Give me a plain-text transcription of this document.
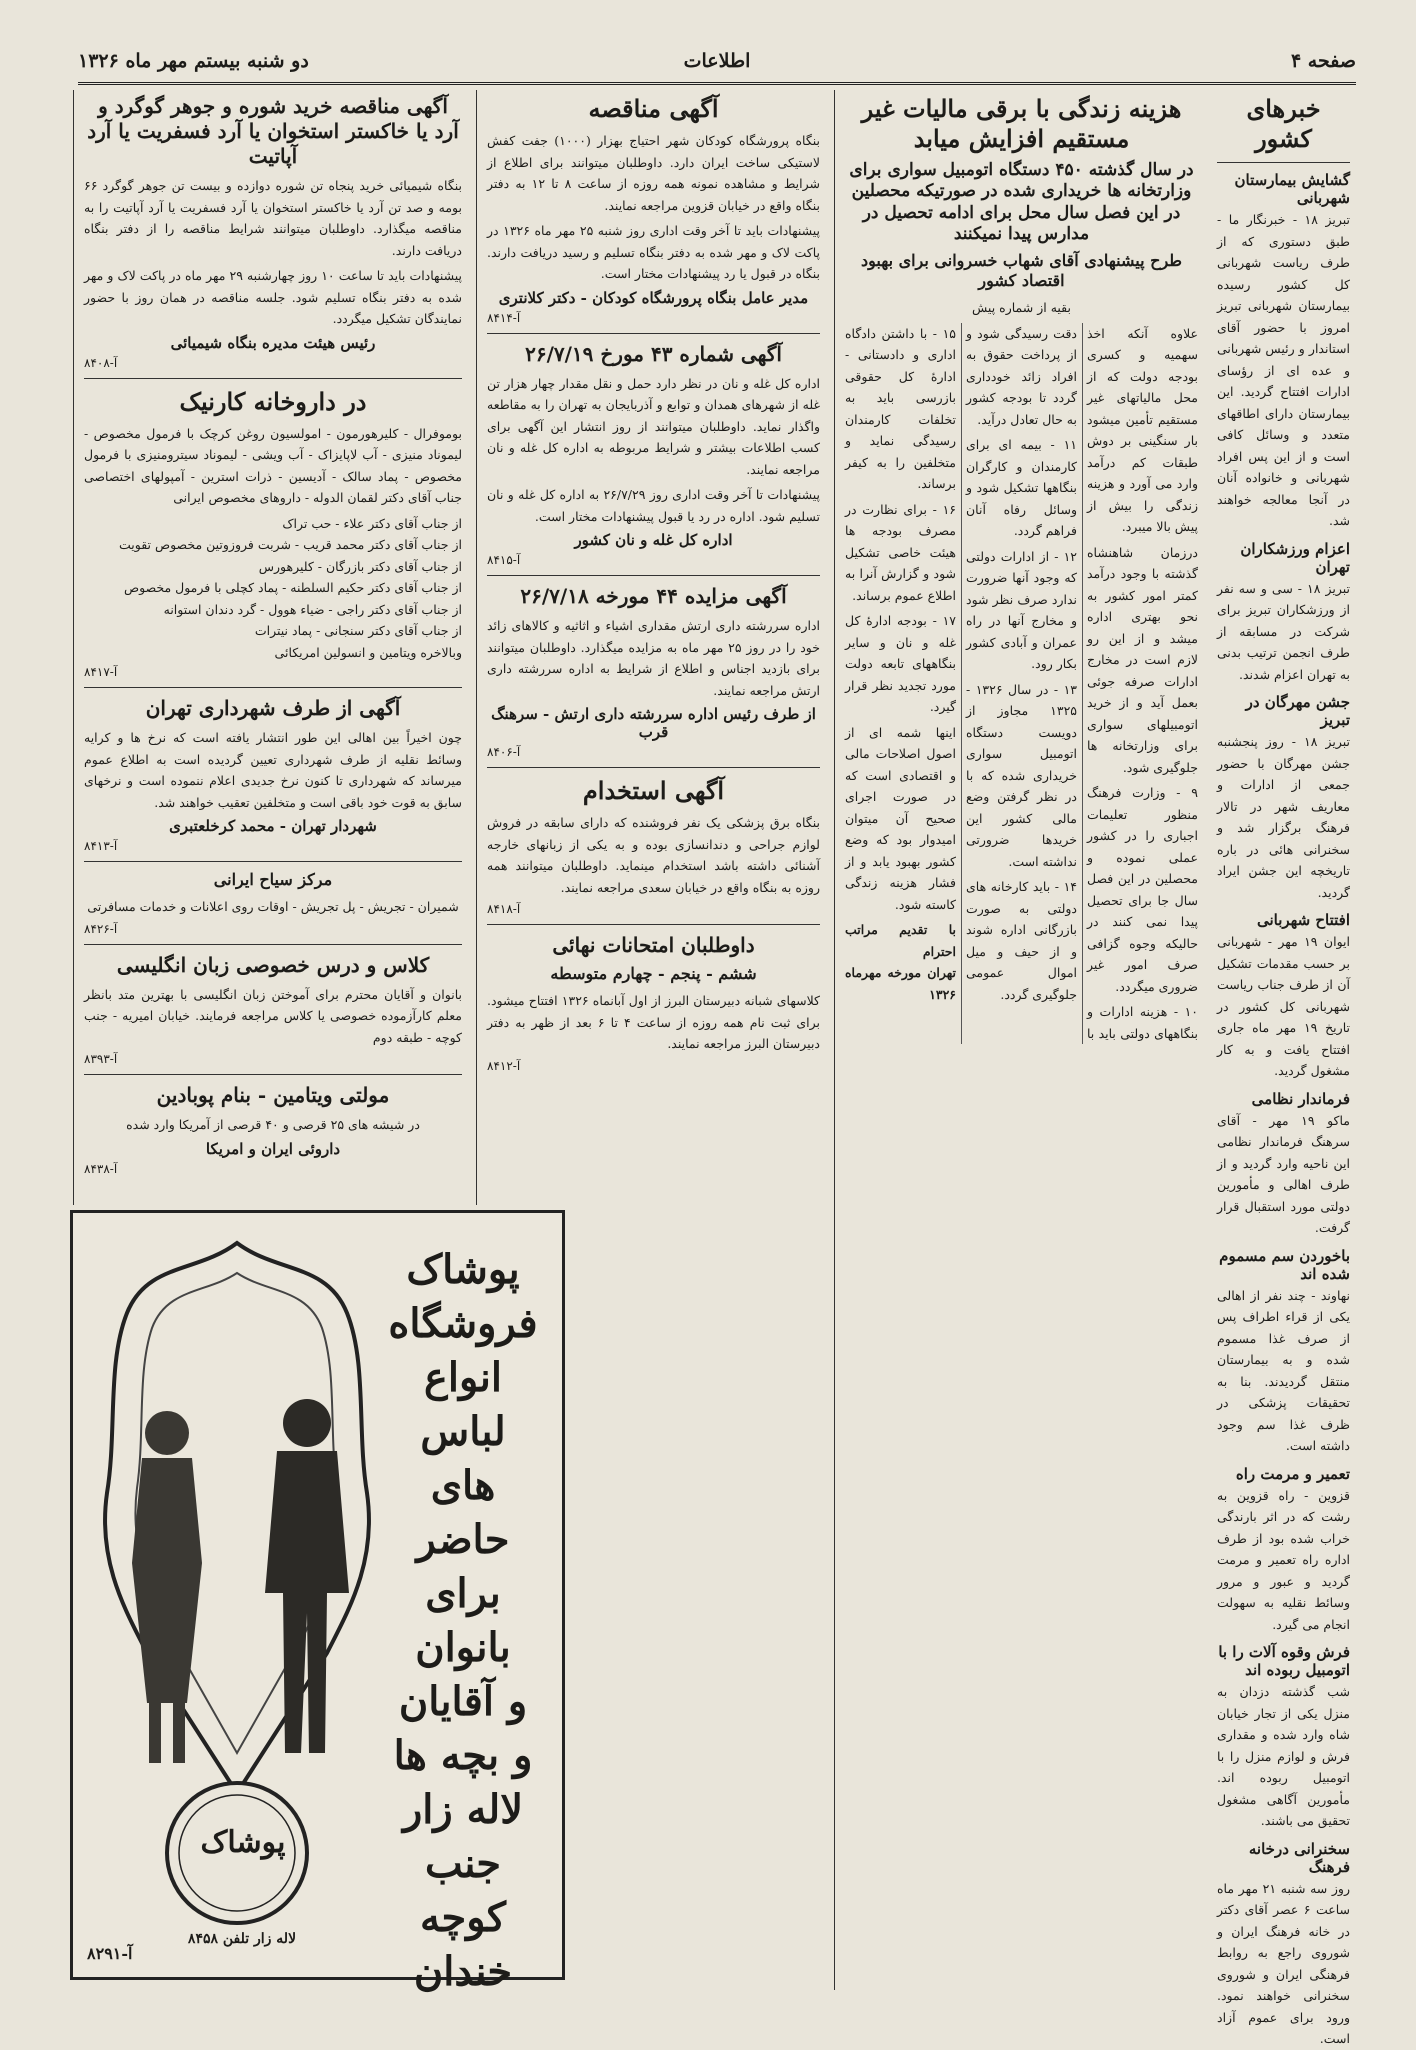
صفحه ۴
اطلاعات
دو شنبه بیستم مهر ماه ۱۳۲۶
خبرهای کشور
گشایش بیمارستان شهربانی

تبریز ۱۸ - خبرنگار ما - طبق دستوری که از طرف ریاست شهربانی کل کشور رسیده بیمارستان شهربانی تبریز امروز با حضور آقای استاندار و رئیس شهربانی و عده ای از رؤسای ادارات افتتاح گردید. این بیمارستان دارای اطاقهای متعدد و وسائل کافی است و از این پس افراد شهربانی و خانواده آنان در آنجا معالجه خواهند شد.

اعزام ورزشکاران تهران

تبریز ۱۸ - سی و سه نفر از ورزشکاران تبریز برای شرکت در مسابقه از طرف انجمن ترتیب بدنی به تهران اعزام شدند.

جشن مهرگان در تبریز

تبریز ۱۸ - روز پنجشنبه جشن مهرگان با حضور جمعی از ادارات و معاریف شهر در تالار فرهنگ برگزار شد و سخنرانی هائی در باره تاریخچه این جشن ایراد گردید.

افتتاح شهربانی

ایوان ۱۹ مهر - شهربانی بر حسب مقدمات تشکیل آن از طرف جناب ریاست شهربانی کل کشور در تاریخ ۱۹ مهر ماه جاری افتتاح یافت و به کار مشغول گردید.

فرماندار نظامی

ماکو ۱۹ مهر - آقای سرهنگ فرماندار نظامی این ناحیه وارد گردید و از طرف اهالی و مأمورین دولتی مورد استقبال قرار گرفت.

باخوردن سم مسموم شده اند

نهاوند - چند نفر از اهالی یکی از قراء اطراف پس از صرف غذا مسموم شده و به بیمارستان منتقل گردیدند. بنا به تحقیقات پزشکی در ظرف غذا سم وجود داشته است.

تعمیر و مرمت راه

قزوین - راه قزوین به رشت که در اثر بارندگی خراب شده بود از طرف اداره راه تعمیر و مرمت گردید و عبور و مرور وسائط نقلیه به سهولت انجام می گیرد.

فرش وقوه آلات را با اتومبیل ربوده اند

شب گذشته دزدان به منزل یکی از تجار خیابان شاه وارد شده و مقداری فرش و لوازم منزل را با اتومبیل ربوده اند. مأمورین آگاهی مشغول تحقیق می باشند.

سخنرانی درخانه فرهنگ

روز سه شنبه ۲۱ مهر ماه ساعت ۶ عصر آقای دکتر در خانه فرهنگ ایران و شوروی راجع به روابط فرهنگی ایران و شوروی سخنرانی خواهند نمود. ورود برای عموم آزاد است.

هزینه زندگی با برقی مالیات غیر مستقیم افزایش میابد
در سال گذشته ۴۵۰ دستگاه اتومبیل سواری برای وزارتخانه ها خریداری شده در صورتیکه محصلین در این فصل سال محل برای ادامه تحصیل در مدارس پیدا نمیکنند
طرح پیشنهادی آقای شهاب خسروانی برای بهبود اقتصاد کشور
بقیه از شماره پیش

علاوه آنکه اخذ سهمیه و کسری بودجه دولت که از محل مالیاتهای غیر مستقیم تأمین میشود بار سنگینی بر دوش طبقات کم درآمد وارد می آورد و هزینه زندگی را بیش از پیش بالا میبرد.

درزمان شاهنشاه گذشته با وجود درآمد کمتر امور کشور به نحو بهتری اداره میشد و از این رو لازم است در مخارج ادارات صرفه جوئی بعمل آید و از خرید اتومبیلهای سواری برای وزارتخانه ها جلوگیری شود.

۹ - وزارت فرهنگ منظور تعلیمات اجباری را در کشور عملی نموده و محصلین در این فصل سال جا برای تحصیل پیدا نمی کنند در حالیکه وجوه گزافی صرف امور غیر ضروری میگردد.

۱۰ - هزینه ادارات و بنگاههای دولتی باید با دقت رسیدگی شود و از پرداخت حقوق به افراد زائد خودداری گردد تا بودجه کشور به حال تعادل درآید.

۱۱ - بیمه ای برای کارمندان و کارگران بنگاهها تشکیل شود و وسائل رفاه آنان فراهم گردد.

۱۲ - از ادارات دولتی که وجود آنها ضرورت ندارد صرف نظر شود و مخارج آنها در راه عمران و آبادی کشور بکار رود.

۱۳ - در سال ۱۳۲۶ - ۱۳۲۵ مجاوز از دویست دستگاه اتومبیل سواری خریداری شده که با در نظر گرفتن وضع مالی کشور این خریدها ضرورتی نداشته است.

۱۴ - باید کارخانه های دولتی به صورت بازرگانی اداره شوند و از حیف و میل اموال عمومی جلوگیری گردد.

۱۵ - با داشتن دادگاه اداری و دادستانی - ادارهٔ کل حقوقی بازرسی باید به تخلفات کارمندان رسیدگی نماید و متخلفین را به کیفر برساند.

۱۶ - برای نظارت در مصرف بودجه ها هیئت خاصی تشکیل شود و گزارش آنرا به اطلاع عموم برساند.

۱۷ - بودجه ادارهٔ کل غله و نان و سایر بنگاههای تابعه دولت مورد تجدید نظر قرار گیرد.

اینها شمه ای از اصول اصلاحات مالی و اقتصادی است که در صورت اجرای صحیح آن میتوان امیدوار بود که وضع کشور بهبود یابد و از فشار هزینه زندگی کاسته شود.

با تقدیم مراتب احترام
تهران مورخه مهرماه ۱۳۲۶

آگهی مناقصه

بنگاه پرورشگاه کودکان شهر احتیاج بهزار (۱۰۰۰) جفت کفش لاستیکی ساخت ایران دارد. داوطلبان میتوانند برای اطلاع از شرایط و مشاهده نمونه همه روزه از ساعت ۸ تا ۱۲ به دفتر بنگاه واقع در خیابان قزوین مراجعه نمایند.

پیشنهادات باید تا آخر وقت اداری روز شنبه ۲۵ مهر ماه ۱۳۲۶ در پاکت لاک و مهر شده به دفتر بنگاه تسلیم و رسید دریافت دارند. بنگاه در قبول یا رد پیشنهادات مختار است.

مدیر عامل بنگاه پرورشگاه کودکان - دکتر کلانتری
آ-۸۴۱۴
آگهی شماره ۴۳ مورخ ۲۶/۷/۱۹

اداره کل غله و نان در نظر دارد حمل و نقل مقدار چهار هزار تن غله از شهرهای همدان و توابع و آذربایجان به تهران را به مقاطعه واگذار نماید. داوطلبان میتوانند از روز انتشار این آگهی برای کسب اطلاعات بیشتر و شرایط مربوطه به اداره کل غله و نان مراجعه نمایند.

پیشنهادات تا آخر وقت اداری روز ۲۶/۷/۲۹ به اداره کل غله و نان تسلیم شود. اداره در رد یا قبول پیشنهادات مختار است.

اداره کل غله و نان کشور
آ-۸۴۱۵
آگهی مزایده ۴۴ مورخه ۲۶/۷/۱۸

اداره سررشته داری ارتش مقداری اشیاء و اثاثیه و کالاهای زائد خود را در روز ۲۵ مهر ماه به مزایده میگذارد. داوطلبان میتوانند برای بازدید اجناس و اطلاع از شرایط به اداره سررشته داری ارتش مراجعه نمایند.

از طرف رئیس اداره سررشته داری ارتش - سرهنگ قرب
آ-۸۴۰۶
آگهی استخدام

بنگاه برق پزشکی یک نفر فروشنده که دارای سابقه در فروش لوازم جراحی و دندانسازی بوده و به یکی از زبانهای خارجه آشنائی داشته باشد استخدام مینماید. داوطلبان میتوانند همه روزه به بنگاه واقع در خیابان سعدی مراجعه نمایند.

آ-۸۴۱۸
داوطلبان امتحانات نهائی
ششم - پنجم - چهارم متوسطه

کلاسهای شبانه دبیرستان البرز از اول آبانماه ۱۳۲۶ افتتاح میشود. برای ثبت نام همه روزه از ساعت ۴ تا ۶ بعد از ظهر به دفتر دبیرستان البرز مراجعه نمایند.

آ-۸۴۱۲
آگهی مناقصه خرید شوره و جوهر گوگرد و آرد یا خاکستر استخوان یا آرد فسفریت یا آرد آپاتیت

بنگاه شیمیائی خرید پنجاه تن شوره دوازده و بیست تن جوهر گوگرد ۶۶ بومه و صد تن آرد یا خاکستر استخوان یا آرد فسفریت یا آرد آپاتیت را به مناقصه میگذارد. داوطلبان میتوانند شرایط مناقصه را از دفتر بنگاه دریافت دارند.

پیشنهادات باید تا ساعت ۱۰ روز چهارشنبه ۲۹ مهر ماه در پاکت لاک و مهر شده به دفتر بنگاه تسلیم شود. جلسه مناقصه در همان روز با حضور نمایندگان تشکیل میگردد.

رئیس هیئت مدیره بنگاه شیمیائی
آ-۸۴۰۸
در داروخانه کارنیک

بوموفرال - کلیرهورمون - امولسیون روغن کرچک با فرمول مخصوص - لیموناد منیزی - آب لاپایزاک - آب ویشی - لیموناد سیترومنیزی با فرمول مخصوص - پماد سالک - آدیسین - ذرات استرین - آمپولهای اختصاصی جناب آقای دکتر لقمان الدوله - داروهای مخصوص ایرانی

از جناب آقای دکتر علاء - حب تراک

از جناب آقای دکتر محمد قریب - شربت فروزوتین مخصوص تقویت

از جناب آقای دکتر بازرگان - کلیرهورس

از جناب آقای دکتر حکیم السلطنه - پماد کچلی با فرمول مخصوص

از جناب آقای دکتر راجی - ضیاء هوول - گرد دندان استوانه

از جناب آقای دکتر سنجانی - پماد نیترات

وبالاخره ویتامین و انسولین امریکائی

آ-۸۴۱۷
آگهی از طرف شهرداری تهران

چون اخیراً بین اهالی این طور انتشار یافته است که نرخ ها و کرایه وسائط نقلیه از طرف شهرداری تعیین گردیده است به اطلاع عموم میرساند که شهرداری تا کنون نرخ جدیدی اعلام ننموده است و نرخهای سابق به قوت خود باقی است و متخلفین تعقیب خواهند شد.

شهردار تهران - محمد کرخلعتبری
آ-۸۴۱۳
مرکز سیاح ایرانی

شمیران - تجریش - پل تجریش - اوقات روی اعلانات و خدمات مسافرتی

آ-۸۴۲۶
کلاس و درس خصوصی زبان انگلیسی

بانوان و آقایان محترم برای آموختن زبان انگلیسی با بهترین متد بانظر معلم کارآزموده خصوصی یا کلاس مراجعه فرمایند. خیابان امیریه - جنب کوچه - طبقه دوم

آ-۸۳۹۳
مولتی ویتامین - بنام پوبادین

در شیشه های ۲۵ قرصی و ۴۰ قرصی از آمریکا وارد شده

داروئی ایران و امریکا
آ-۸۴۳۸
پوشاک
فروشگاه
انواع لباس
های حاضر
برای بانوان
و آقایان
و بچه ها
لاله زار
جنب کوچه
خندان
پوشاک
لاله زار تلفن ۸۴۵۸
آ-۸۲۹۱
